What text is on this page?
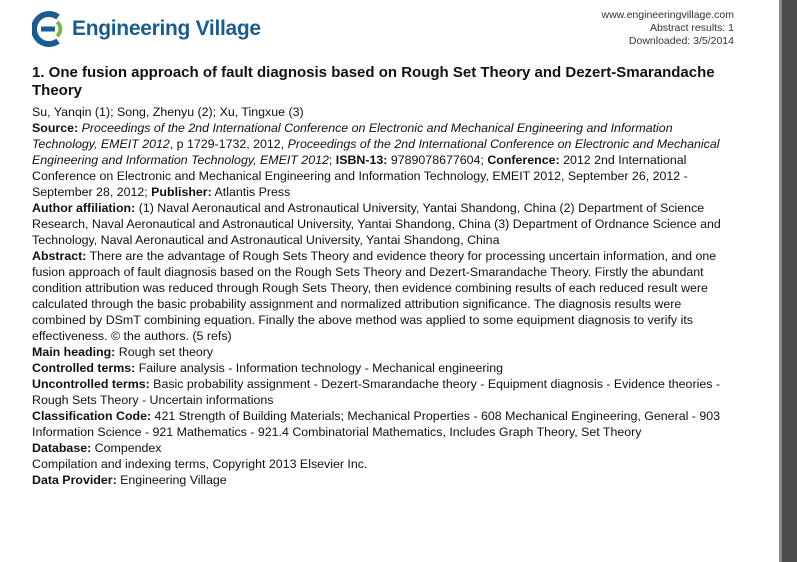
Engineering Village
www.engineeringvillage.com
Abstract results: 1
Downloaded: 3/5/2014
1. One fusion approach of fault diagnosis based on Rough Set Theory and Dezert-Smarandache Theory

Su, Yanqin (1); Song, Zhenyu (2); Xu, Tingxue (3)

Source: Proceedings of the 2nd International Conference on Electronic and Mechanical Engineering and Information Technology, EMEIT 2012, p 1729-1732, 2012, Proceedings of the 2nd International Conference on Electronic and Mechanical Engineering and Information Technology, EMEIT 2012; ISBN-13: 9789078677604; Conference: 2012 2nd International Conference on Electronic and Mechanical Engineering and Information Technology, EMEIT 2012, September 26, 2012 - September 28, 2012; Publisher: Atlantis Press

Author affiliation: (1) Naval Aeronautical and Astronautical University, Yantai Shandong, China (2) Department of Science Research, Naval Aeronautical and Astronautical University, Yantai Shandong, China (3) Department of Ordnance Science and Technology, Naval Aeronautical and Astronautical University, Yantai Shandong, China

Abstract: There are the advantage of Rough Sets Theory and evidence theory for processing uncertain information, and one fusion approach of fault diagnosis based on the Rough Sets Theory and Dezert-Smarandache Theory. Firstly the abundant condition attribution was reduced through Rough Sets Theory, then evidence combining results of each reduced result were calculated through the basic probability assignment and normalized attribution significance. The diagnosis results were combined by DSmT combining equation. Finally the above method was applied to some equipment diagnosis to verify its effectiveness. © the authors. (5 refs)

Main heading: Rough set theory

Controlled terms: Failure analysis - Information technology - Mechanical engineering

Uncontrolled terms: Basic probability assignment - Dezert-Smarandache theory - Equipment diagnosis - Evidence theories - Rough Sets Theory - Uncertain informations

Classification Code: 421 Strength of Building Materials; Mechanical Properties - 608 Mechanical Engineering, General - 903 Information Science - 921 Mathematics - 921.4 Combinatorial Mathematics, Includes Graph Theory, Set Theory

Database: Compendex

Compilation and indexing terms, Copyright 2013 Elsevier Inc.

Data Provider: Engineering Village
